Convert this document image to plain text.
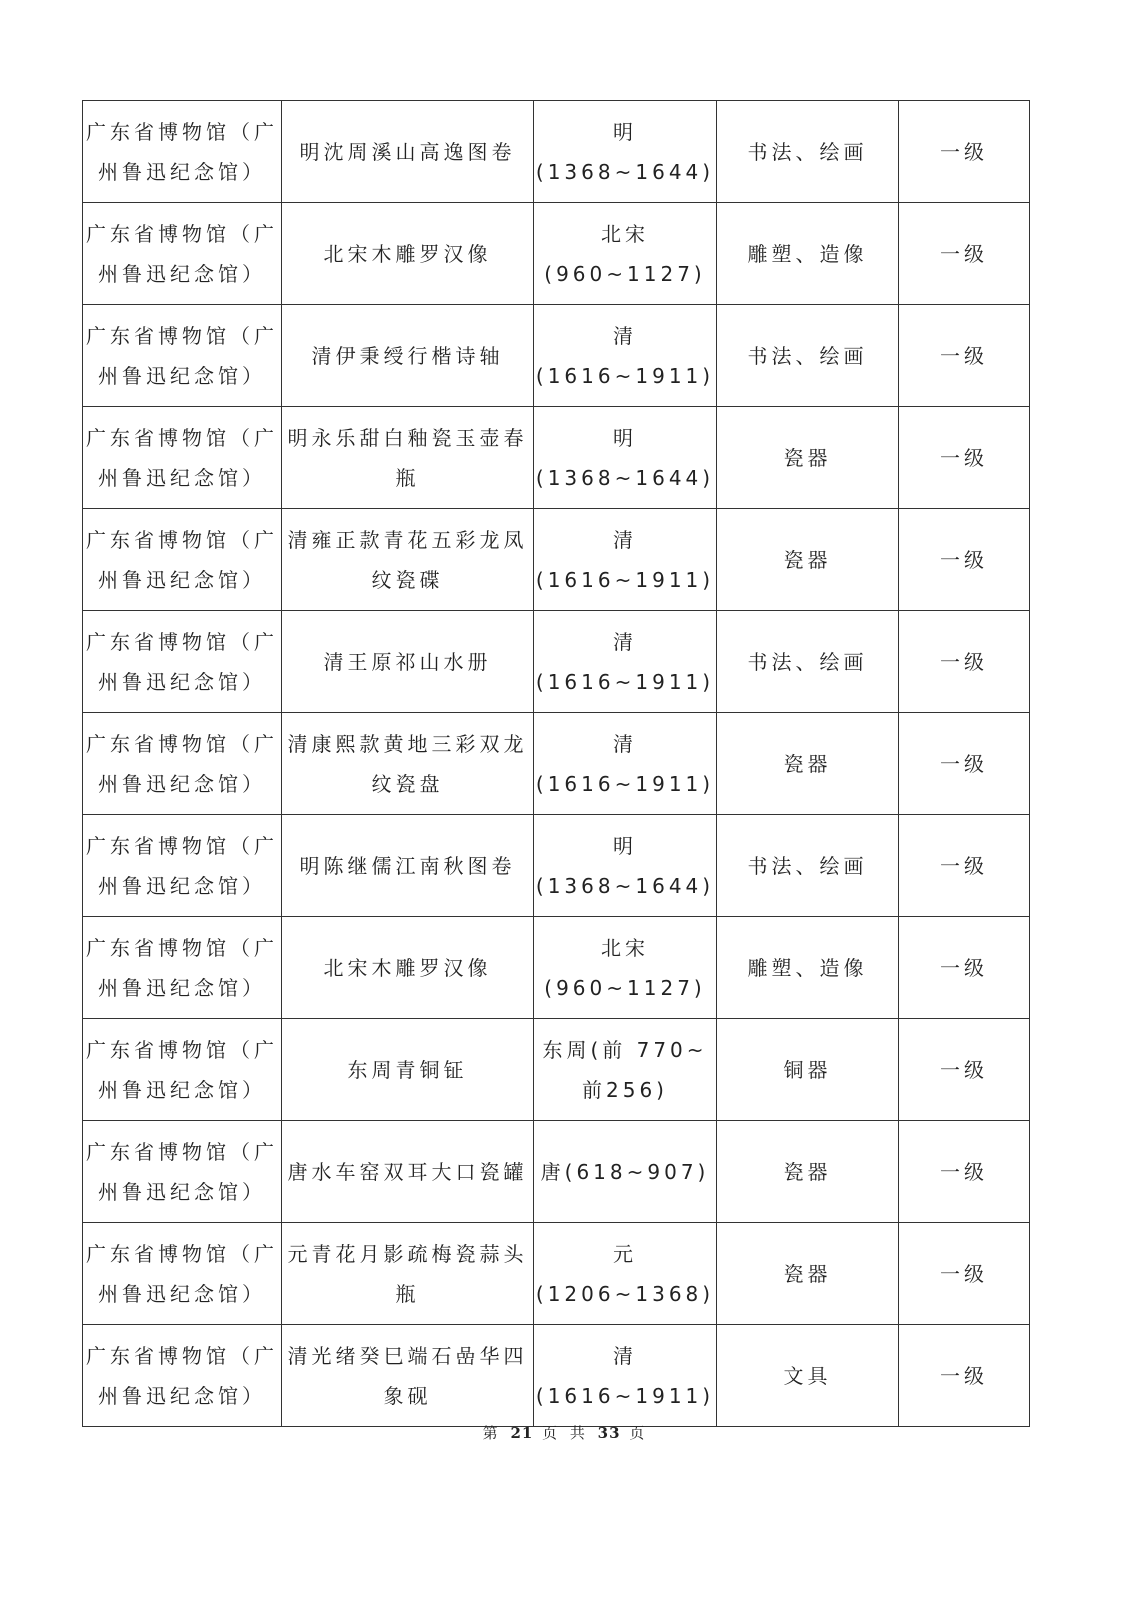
广东省博物馆（广州鲁迅纪念馆）	明沈周溪山高逸图卷	明(1368~1644)	书法、绘画	一级
广东省博物馆（广州鲁迅纪念馆）	北宋木雕罗汉像	北宋(960~1127)	雕塑、造像	一级
广东省博物馆（广州鲁迅纪念馆）	清伊秉绶行楷诗轴	清(1616~1911)	书法、绘画	一级
广东省博物馆（广州鲁迅纪念馆）	明永乐甜白釉瓷玉壶春瓶	明(1368~1644)	瓷器	一级
广东省博物馆（广州鲁迅纪念馆）	清雍正款青花五彩龙凤纹瓷碟	清(1616~1911)	瓷器	一级
广东省博物馆（广州鲁迅纪念馆）	清王原祁山水册	清(1616~1911)	书法、绘画	一级
广东省博物馆（广州鲁迅纪念馆）	清康熙款黄地三彩双龙纹瓷盘	清(1616~1911)	瓷器	一级
广东省博物馆（广州鲁迅纪念馆）	明陈继儒江南秋图卷	明(1368~1644)	书法、绘画	一级
广东省博物馆（广州鲁迅纪念馆）	北宋木雕罗汉像	北宋(960~1127)	雕塑、造像	一级
广东省博物馆（广州鲁迅纪念馆）	东周青铜钲	东周(前 770~前256)	铜器	一级
广东省博物馆（广州鲁迅纪念馆）	唐水车窑双耳大口瓷罐	唐(618~907)	瓷器	一级
广东省博物馆（广州鲁迅纪念馆）	元青花月影疏梅瓷蒜头瓶	元(1206~1368)	瓷器	一级
广东省博物馆（广州鲁迅纪念馆）	清光绪癸巳端石嵒华四象砚	清(1616~1911)	文具	一级
第 21 页 共 33 页
